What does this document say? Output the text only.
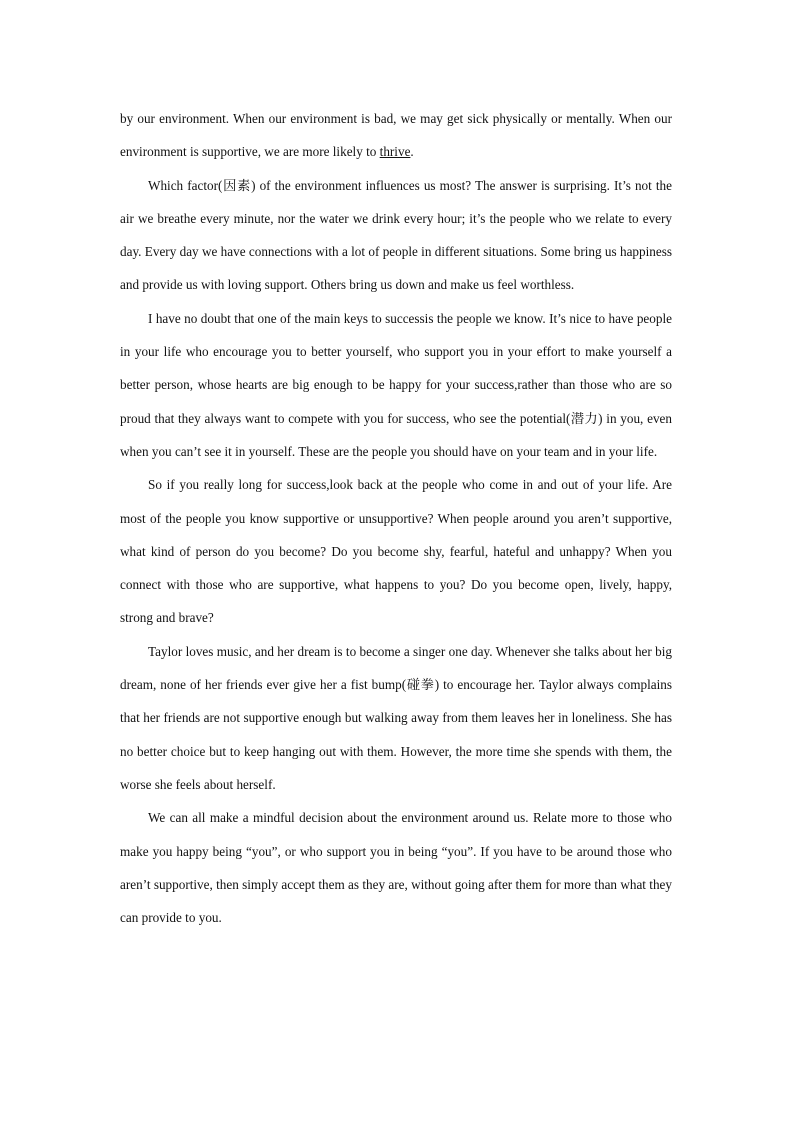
by our environment. When our environment is bad, we may get sick physically or mentally. When our environment is supportive, we are more likely to thrive.

Which factor(因素) of the environment influences us most? The answer is surprising. It’s not the air we breathe every minute, nor the water we drink every hour; it’s the people who we relate to every day. Every day we have connections with a lot of people in different situations. Some bring us happiness and provide us with loving support. Others bring us down and make us feel worthless.

I have no doubt that one of the main keys to successis the people we know. It’s nice to have people in your life who encourage you to better yourself, who support you in your effort to make yourself a better person, whose hearts are big enough to be happy for your success,rather than those who are so proud that they always want to compete with you for success, who see the potential(潜力) in you, even when you can’t see it in yourself. These are the people you should have on your team and in your life.

So if you really long for success,look back at the people who come in and out of your life. Are most of the people you know supportive or unsupportive? When people around you aren’t supportive, what kind of person do you become? Do you become shy, fearful, hateful and unhappy? When you connect with those who are supportive, what happens to you? Do you become open, lively, happy, strong and brave?

Taylor loves music, and her dream is to become a singer one day. Whenever she talks about her big dream, none of her friends ever give her a fist bump(碰拳) to encourage her. Taylor always complains that her friends are not supportive enough but walking away from them leaves her in loneliness. She has no better choice but to keep hanging out with them. However, the more time she spends with them, the worse she feels about herself.

We can all make a mindful decision about the environment around us. Relate more to those who make you happy being “you”, or who support you in being “you”. If you have to be around those who aren’t supportive, then simply accept them as they are, without going after them for more than what they can provide to you.
